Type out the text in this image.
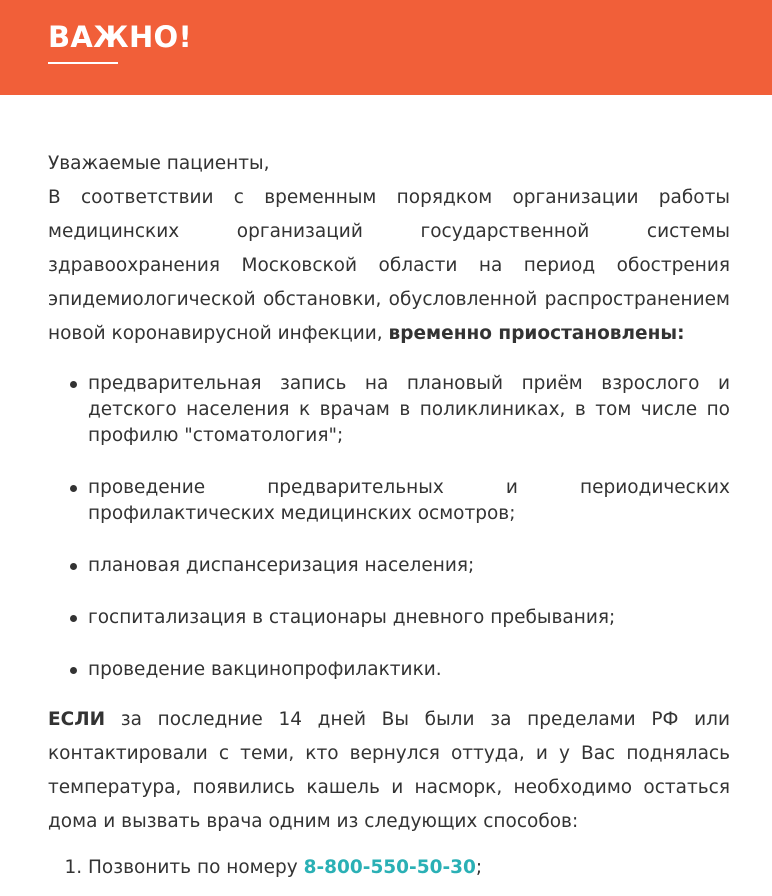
ВАЖНО!

Уважаемые пациенты,

В соответствии с временным порядком организации работы медицинских организаций государственной системы здравоохранения Московской области на период обострения эпидемиологической обстановки, обусловленной распространением новой коронавирусной инфекции, временно приостановлены:

предварительная запись на плановый приём взрослого и детского населения к врачам в поликлиниках, в том числе по профилю "стоматология";
проведение предварительных и периодических профилактических медицинских осмотров;
плановая диспансеризация населения;
госпитализация в стационары дневного пребывания;
проведение вакцинопрофилактики.

ЕСЛИ за последние 14 дней Вы были за пределами РФ или контактировали с теми, кто вернулся оттуда, и у Вас поднялась температура, появились кашель и насморк, необходимо остаться дома и вызвать врача одним из следующих способов:

1. Позвонить по номеру 8-800-550-50-30;
